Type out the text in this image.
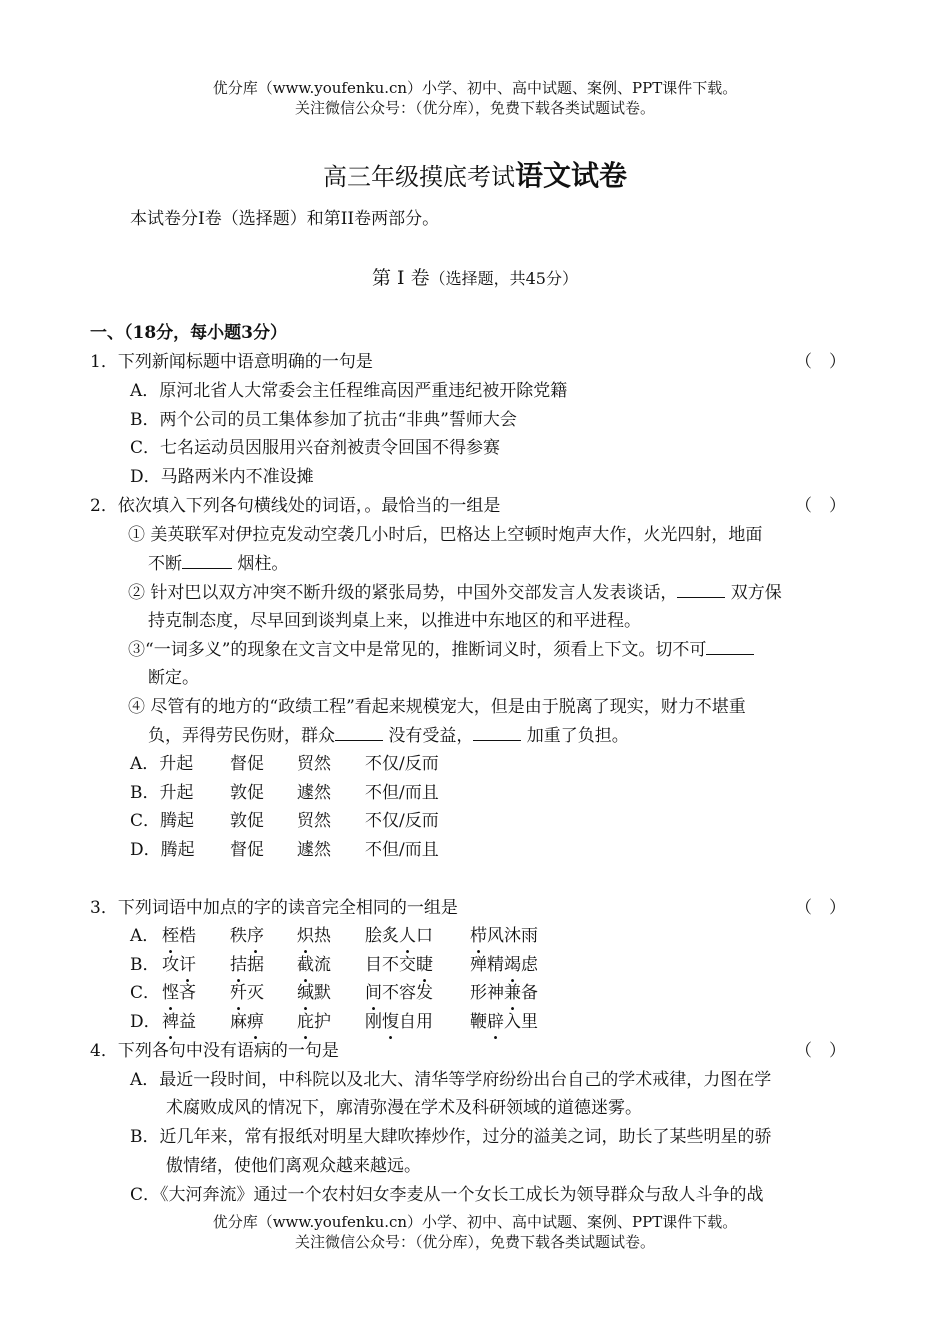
优分库（www.youfenku.cn）小学、初中、高中试题、案例、PPT课件下载。
关注微信公众号：（优分库），免费下载各类试题试卷。
高三年级摸底考试语文试卷
本试卷分I卷（选择题）和第II卷两部分。
第 I 卷（选择题，共45分）
一、（18分，每小题3分）
1．下列新闻标题中语意明确的一句是	（　）
A．原河北省人大常委会主任程维高因严重违纪被开除党籍
B．两个公司的员工集体参加了抗击“非典”誓师大会
C．七名运动员因服用兴奋剂被责令回国不得参赛
D．马路两米内不准设摊
2．依次填入下列各句横线处的词语，。最恰当的一组是	（　）
① 美英联军对伊拉克发动空袭几小时后，巴格达上空顿时炮声大作，火光四射，地面
不断	烟柱。
② 针对巴以双方冲突不断升级的紧张局势，中国外交部发言人发表谈话，	双方保
持克制态度，尽早回到谈判桌上来，以推进中东地区的和平进程。
③“一词多义”的现象在文言文中是常见的，推断词义时，须看上下文。切不可
断定。
④ 尽管有的地方的“政绩工程”看起来规模宠大，但是由于脱离了现实，财力不堪重
负，弄得劳民伤财，群众	没有受益，	加重了负担。
A．升起 督促 贸然 不仅/反而
B．升起 敦促 遽然 不但/而且
C．腾起 敦促 贸然 不仅/反而
D．腾起 督促 遽然 不但/而且
3．下列词语中加点的字的读音完全相同的一组是	（　）
A． 桎梏 秩序 炽热 脍炙人口 栉风沐雨
B． 攻讦 拮据 截流 目不交睫 殚精竭虑
C． 悭吝 歼灭 缄默 间不容发 形神兼备
D． 裨益 麻痹 庇护 刚愎自用 鞭辟入里
4．下列各句中没有语病的一句是	（　）
A．最近一段时间，中科院以及北大、清华等学府纷纷出台自己的学术戒律，力图在学
术腐败成风的情况下，廓清弥漫在学术及科研领域的道德迷雾。
B．近几年来，常有报纸对明星大肆吹捧炒作，过分的溢美之词，助长了某些明星的骄
傲情绪，使他们离观众越来越远。
C．《大河奔流》通过一个农村妇女李麦从一个女长工成长为领导群众与敌人斗争的战
优分库（www.youfenku.cn）小学、初中、高中试题、案例、PPT课件下载。
关注微信公众号：（优分库），免费下载各类试题试卷。
